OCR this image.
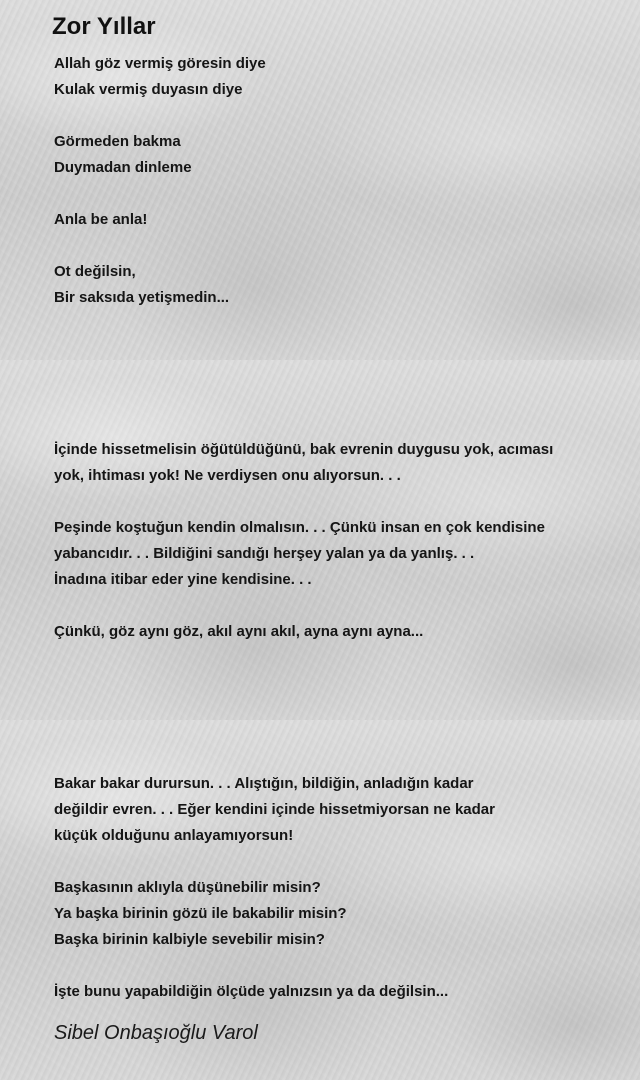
Zor Yıllar

Allah göz vermiş göresin diye
Kulak vermiş duyasın diye

Görmeden bakma
Duymadan dinleme

Anla be anla!

Ot değilsin,
Bir saksıda yetişmedin...

İçinde hissetmelisin öğütüldüğünü, bak evrenin duygusu yok, acıması
yok, ihtiması yok! Ne verdiysen onu alıyorsun. . .

Peşinde koştuğun kendin olmalısın. . . Çünkü insan en çok kendisine
yabancıdır. . . Bildiğini sandığı herşey yalan ya da yanlış. . .
İnadına itibar eder yine kendisine. . .

Çünkü, göz aynı göz, akıl aynı akıl, ayna aynı ayna...

Bakar bakar durursun. . . Alıştığın, bildiğin, anladığın kadar
değildir evren. . . Eğer kendini içinde hissetmiyorsan ne kadar
küçük olduğunu anlayamıyorsun!

Başkasının aklıyla düşünebilir misin?
Ya başka birinin gözü ile bakabilir misin?
Başka birinin kalbiyle sevebilir misin?

İşte bunu yapabildiğin ölçüde yalnızsın ya da değilsin...

Sibel Onbaşıoğlu Varol
